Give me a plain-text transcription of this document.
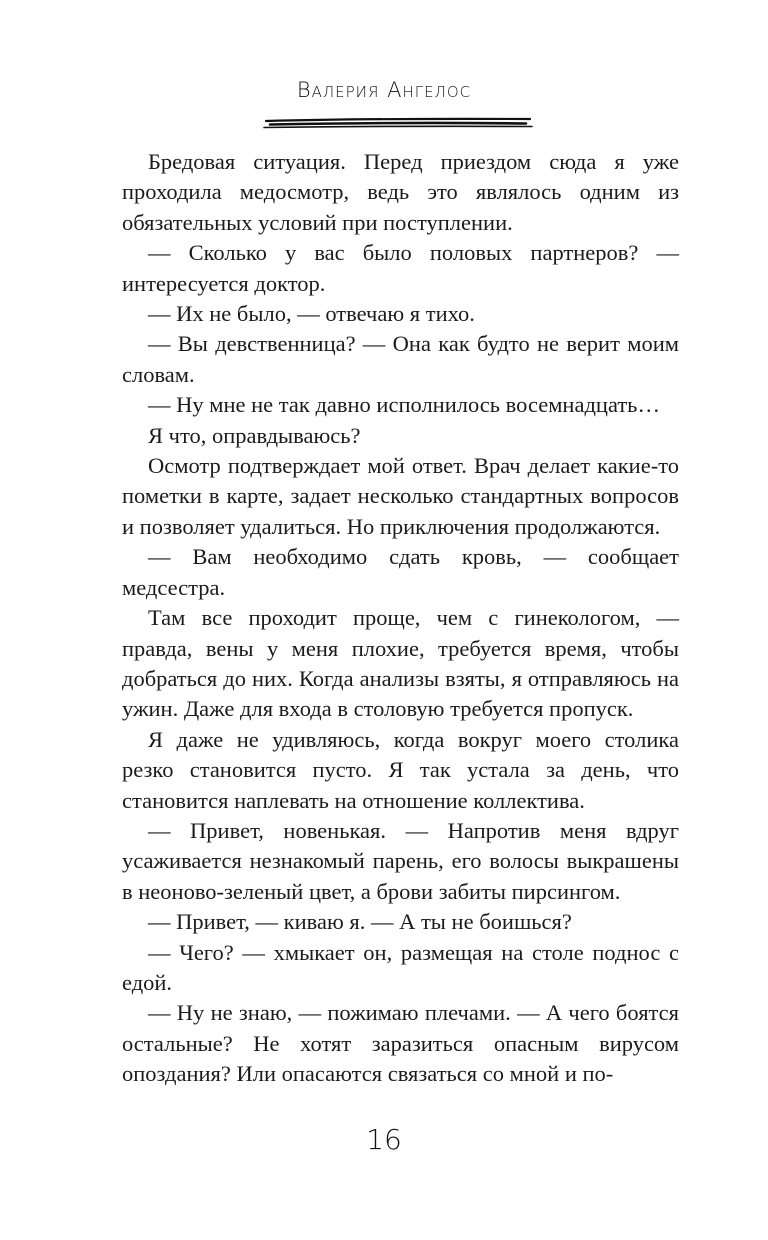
Валерия Ангелос

Бредовая ситуация. Перед приездом сюда я уже проходила медосмотр, ведь это являлось одним из обязательных условий при поступлении.

— Сколько у вас было половых партнеров? — интересуется доктор.

— Их не было, — отвечаю я тихо.

— Вы девственница? — Она как будто не верит моим словам.

— Ну мне не так давно исполнилось восемнадцать…

Я что, оправдываюсь?

Осмотр подтверждает мой ответ. Врач делает какие-то пометки в карте, задает несколько стандартных вопросов и позволяет удалиться. Но приключения продолжаются.

— Вам необходимо сдать кровь, — сообщает медсестра.

Там все проходит проще, чем с гинекологом, — правда, вены у меня плохие, требуется время, чтобы добраться до них. Когда анализы взяты, я отправляюсь на ужин. Даже для входа в столовую требуется пропуск.

Я даже не удивляюсь, когда вокруг моего столика резко становится пусто. Я так устала за день, что становится наплевать на отношение коллектива.

— Привет, новенькая. — Напротив меня вдруг усаживается незнакомый парень, его волосы выкрашены в неоново-зеленый цвет, а брови забиты пирсингом.

— Привет, — киваю я. — А ты не боишься?

— Чего? — хмыкает он, размещая на столе поднос с едой.

— Ну не знаю, — пожимаю плечами. — А чего боятся остальные? Не хотят заразиться опасным вирусом опоздания? Или опасаются связаться со мной и по-

16
